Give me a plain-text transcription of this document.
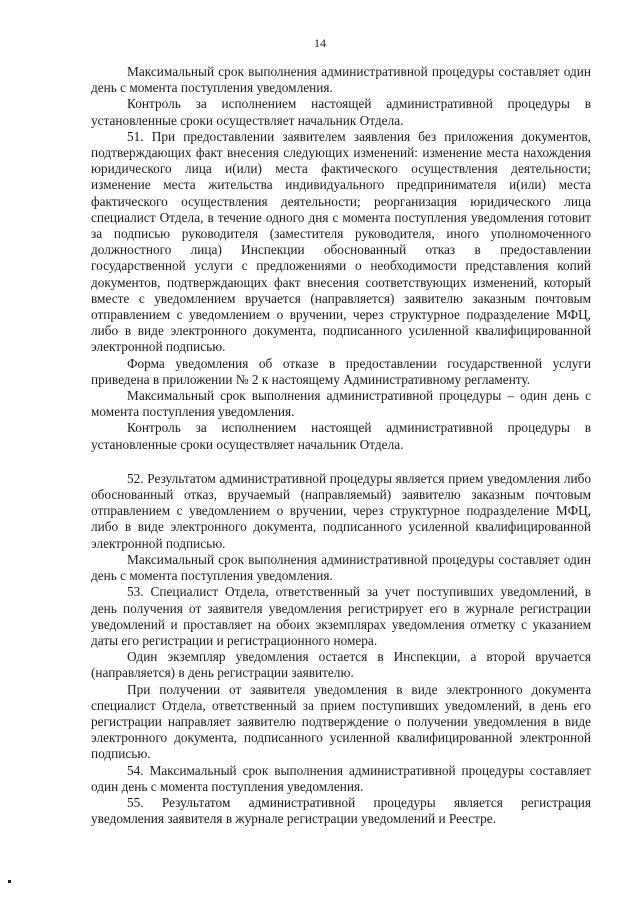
14

Максимальный срок выполнения административной процедуры составляет один день с момента поступления уведомления.

Контроль за исполнением настоящей административной процедуры в установленные сроки осуществляет начальник Отдела.

51. При предоставлении заявителем заявления без приложения документов, подтверждающих факт внесения следующих изменений: изменение места нахождения юридического лица и(или) места фактического осуществления деятельности; изменение места жительства индивидуального предпринимателя и(или) места фактического осуществления деятельности; реорганизация юридического лица специалист Отдела, в течение одного дня с момента поступления уведомления готовит за подписью руководителя (заместителя руководителя, иного уполномоченного должностного лица) Инспекции обоснованный отказ в предоставлении государственной услуги с предложениями о необходимости представления копий документов, подтверждающих факт внесения соответствующих изменений, который вместе с уведомлением вручается (направляется) заявителю заказным почтовым отправлением с уведомлением о вручении, через структурное подразделение МФЦ, либо в виде электронного документа, подписанного усиленной квалифицированной электронной подписью.

Форма уведомления об отказе в предоставлении государственной услуги приведена в приложении № 2 к настоящему Административному регламенту.

Максимальный срок выполнения административной процедуры – один день с момента поступления уведомления.

Контроль за исполнением настоящей административной процедуры в установленные сроки осуществляет начальник Отдела.

52. Результатом административной процедуры является прием уведомления либо обоснованный отказ, вручаемый (направляемый) заявителю заказным почтовым отправлением с уведомлением о вручении, через структурное подразделение МФЦ, либо в виде электронного документа, подписанного усиленной квалифицированной электронной подписью.

Максимальный срок выполнения административной процедуры составляет один день с момента поступления уведомления.

53. Специалист Отдела, ответственный за учет поступивших уведомлений, в день получения от заявителя уведомления регистрирует его в журнале регистрации уведомлений и проставляет на обоих экземплярах уведомления отметку с указанием даты его регистрации и регистрационного номера.

Один экземпляр уведомления остается в Инспекции, а второй вручается (направляется) в день регистрации заявителю.

При получении от заявителя уведомления в виде электронного документа специалист Отдела, ответственный за прием поступивших уведомлений, в день его регистрации направляет заявителю подтверждение о получении уведомления в виде электронного документа, подписанного усиленной квалифицированной электронной подписью.

54. Максимальный срок выполнения административной процедуры составляет один день с момента поступления уведомления.

55. Результатом административной процедуры является регистрация уведомления заявителя в журнале регистрации уведомлений и Реестре.
